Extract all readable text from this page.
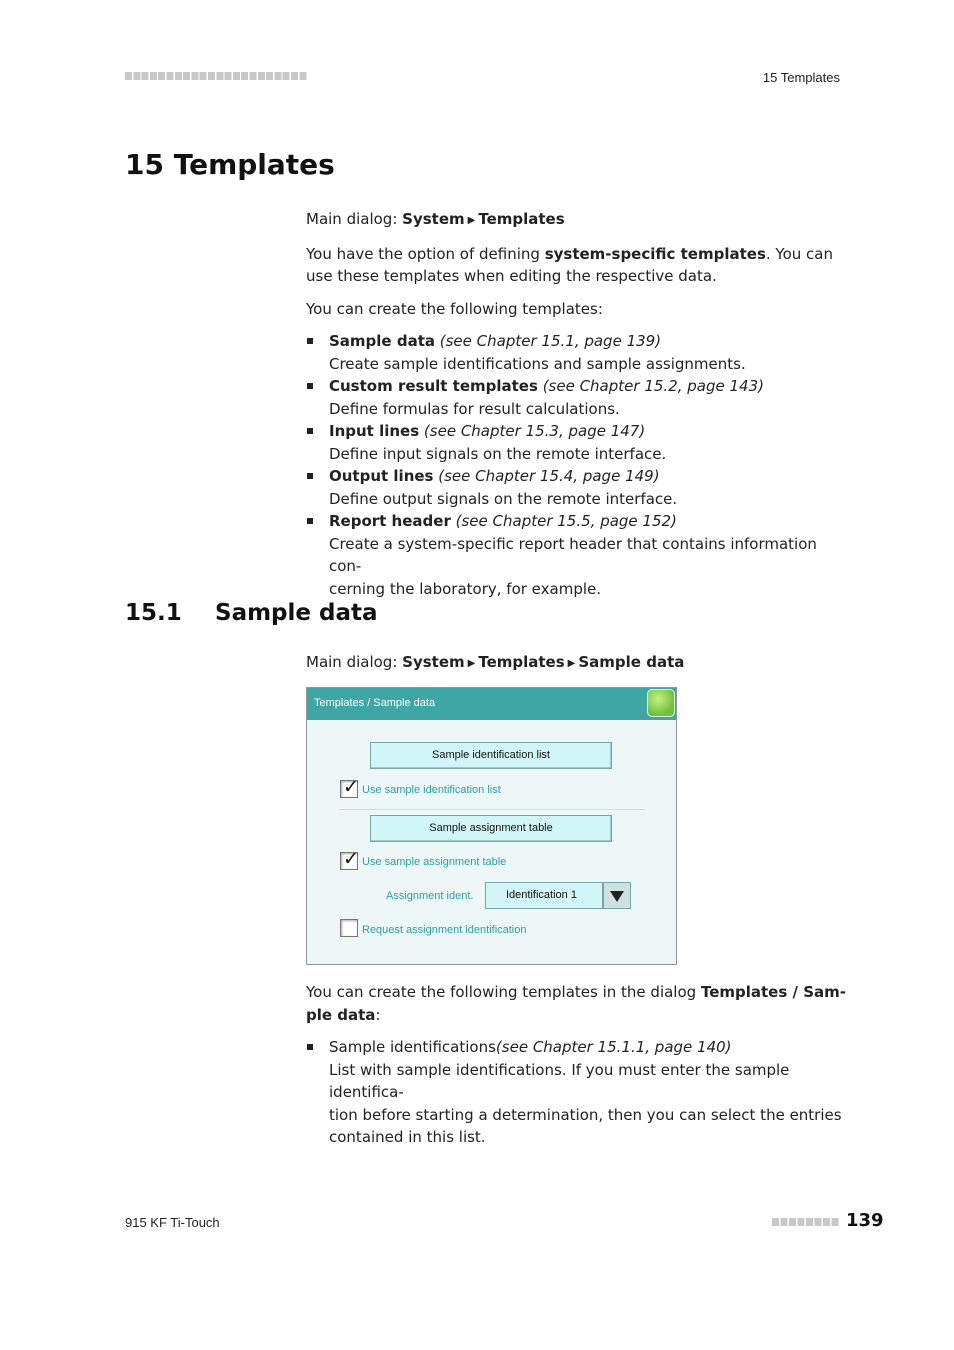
15 Templates
15 Templates
Main dialog: System ▶ Templates
You have the option of defining system-specific templates. You can
use these templates when editing the respective data.
You can create the following templates:
Sample data (see Chapter 15.1, page 139)
Create sample identifications and sample assignments.
Custom result templates (see Chapter 15.2, page 143)
Define formulas for result calculations.
Input lines (see Chapter 15.3, page 147)
Define input signals on the remote interface.
Output lines (see Chapter 15.4, page 149)
Define output signals on the remote interface.
Report header (see Chapter 15.5, page 152)
Create a system-specific report header that contains information con-
cerning the laboratory, for example.
15.1 Sample data
Main dialog: System ▶ Templates ▶ Sample data
Templates / Sample data
Sample identification list
✓ Use sample identification list
Sample assignment table
✓ Use sample assignment table
Assignment ident.	Identification 1
Request assignment identification
You can create the following templates in the dialog Templates / Sam-
ple data:
Sample identifications(see Chapter 15.1.1, page 140)
List with sample identifications. If you must enter the sample identifica-
tion before starting a determination, then you can select the entries
contained in this list.
915 KF Ti-Touch	139
